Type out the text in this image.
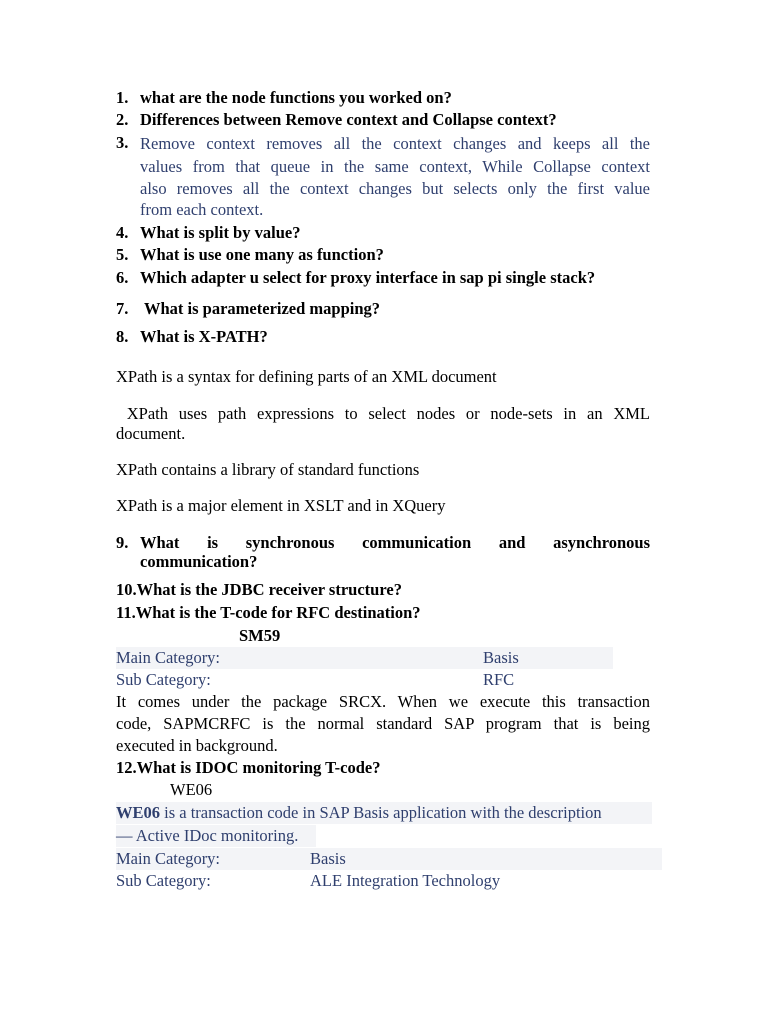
1. what are the node functions you worked on?
2. Differences between Remove context and Collapse context?
3. Remove context removes all the context changes and keeps all the
values from that queue in the same context, While Collapse context
also removes all the context changes but selects only the first value
from each context.
4. What is split by value?
5. What is use one many as function?
6. Which adapter u select for proxy interface in sap pi single stack?
7. What is parameterized mapping?
8. What is X-PATH?
XPath is a syntax for defining parts of an XML document
XPath uses path expressions to select nodes or node-sets in an XML
document.
XPath contains a library of standard functions
XPath is a major element in XSLT and in XQuery
9. What is synchronous communication and asynchronous
communication?
10.What is the JDBC receiver structure?
11.What is the T-code for RFC destination?
SM59
Main Category:	Basis
Sub Category:	RFC
It comes under the package SRCX. When we execute this transaction
code, SAPMCRFC is the normal standard SAP program that is being
executed in background.
12.What is IDOC monitoring T-code?
WE06
WE06 is a transaction code in SAP Basis application with the description
— Active IDoc monitoring.
Main Category:	Basis
Sub Category:	ALE Integration Technology
